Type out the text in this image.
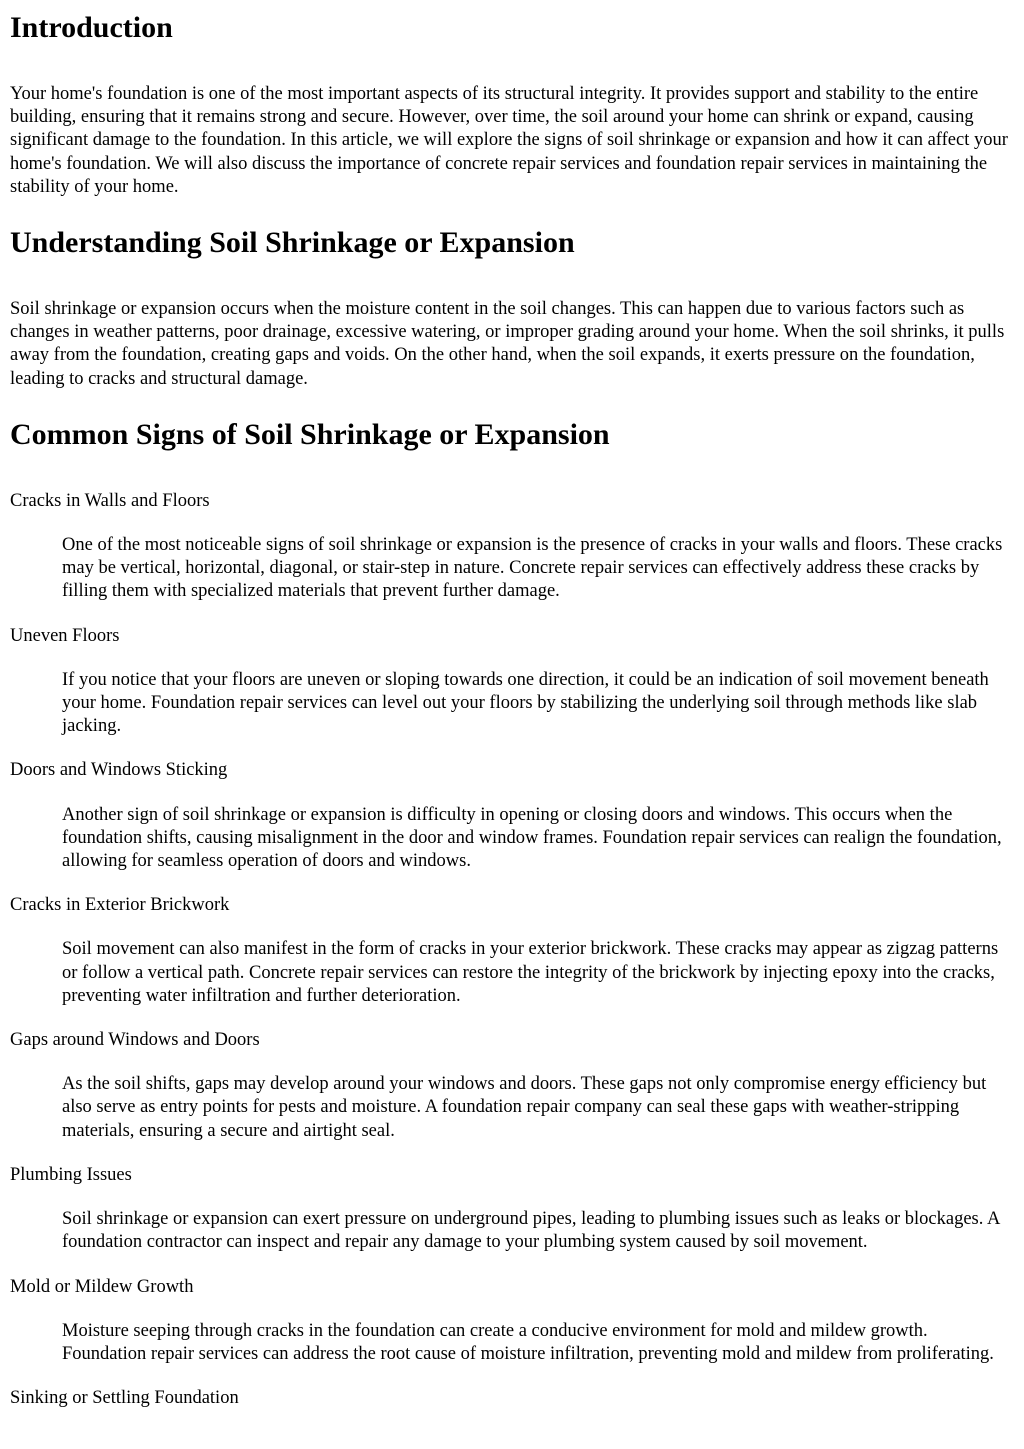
Introduction

Your home's foundation is one of the most important aspects of its structural integrity. It provides support and stability to the entire building, ensuring that it remains strong and secure. However, over time, the soil around your home can shrink or expand, causing significant damage to the foundation. In this article, we will explore the signs of soil shrinkage or expansion and how it can affect your home's foundation. We will also discuss the importance of concrete repair services and foundation repair services in maintaining the stability of your home.

Understanding Soil Shrinkage or Expansion

Soil shrinkage or expansion occurs when the moisture content in the soil changes. This can happen due to various factors such as changes in weather patterns, poor drainage, excessive watering, or improper grading around your home. When the soil shrinks, it pulls away from the foundation, creating gaps and voids. On the other hand, when the soil expands, it exerts pressure on the foundation, leading to cracks and structural damage.

Common Signs of Soil Shrinkage or Expansion
Cracks in Walls and Floors
One of the most noticeable signs of soil shrinkage or expansion is the presence of cracks in your walls and floors. These cracks may be vertical, horizontal, diagonal, or stair-step in nature. Concrete repair services can effectively address these cracks by filling them with specialized materials that prevent further damage.
Uneven Floors
If you notice that your floors are uneven or sloping towards one direction, it could be an indication of soil movement beneath your home. Foundation repair services can level out your floors by stabilizing the underlying soil through methods like slab jacking.
Doors and Windows Sticking
Another sign of soil shrinkage or expansion is difficulty in opening or closing doors and windows. This occurs when the foundation shifts, causing misalignment in the door and window frames. Foundation repair services can realign the foundation, allowing for seamless operation of doors and windows.
Cracks in Exterior Brickwork
Soil movement can also manifest in the form of cracks in your exterior brickwork. These cracks may appear as zigzag patterns or follow a vertical path. Concrete repair services can restore the integrity of the brickwork by injecting epoxy into the cracks, preventing water infiltration and further deterioration.
Gaps around Windows and Doors
As the soil shifts, gaps may develop around your windows and doors. These gaps not only compromise energy efficiency but also serve as entry points for pests and moisture. A foundation repair company can seal these gaps with weather-stripping materials, ensuring a secure and airtight seal.
Plumbing Issues
Soil shrinkage or expansion can exert pressure on underground pipes, leading to plumbing issues such as leaks or blockages. A foundation contractor can inspect and repair any damage to your plumbing system caused by soil movement.
Mold or Mildew Growth
Moisture seeping through cracks in the foundation can create a conducive environment for mold and mildew growth. Foundation repair services can address the root cause of moisture infiltration, preventing mold and mildew from proliferating.
Sinking or Settling Foundation
